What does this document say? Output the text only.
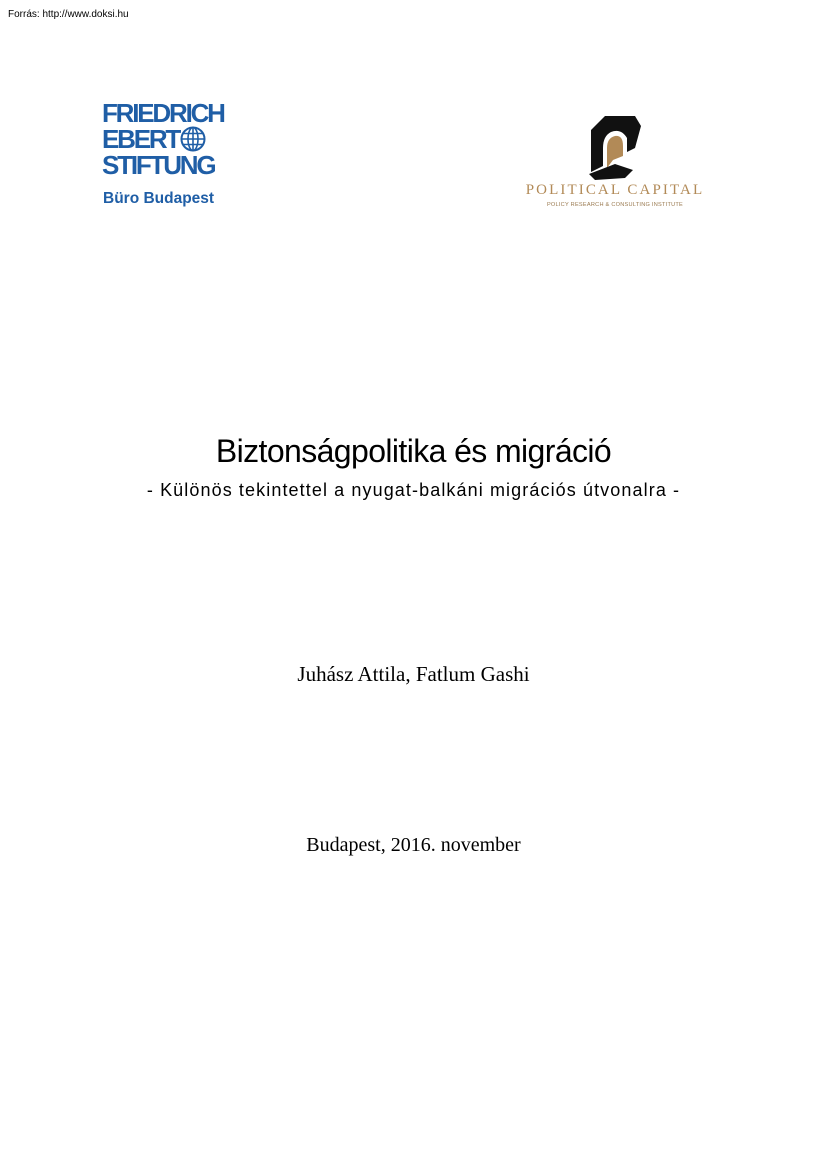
Forrás: http://www.doksi.hu
FRIEDRICH
EBERT
STIFTUNG
Büro Budapest	POLITICAL CAPITAL
POLICY RESEARCH & CONSULTING INSTITUTE
Biztonságpolitika és migráció
- Különös tekintettel a nyugat-balkáni migrációs útvonalra -
Juhász Attila, Fatlum Gashi
Budapest, 2016. november
